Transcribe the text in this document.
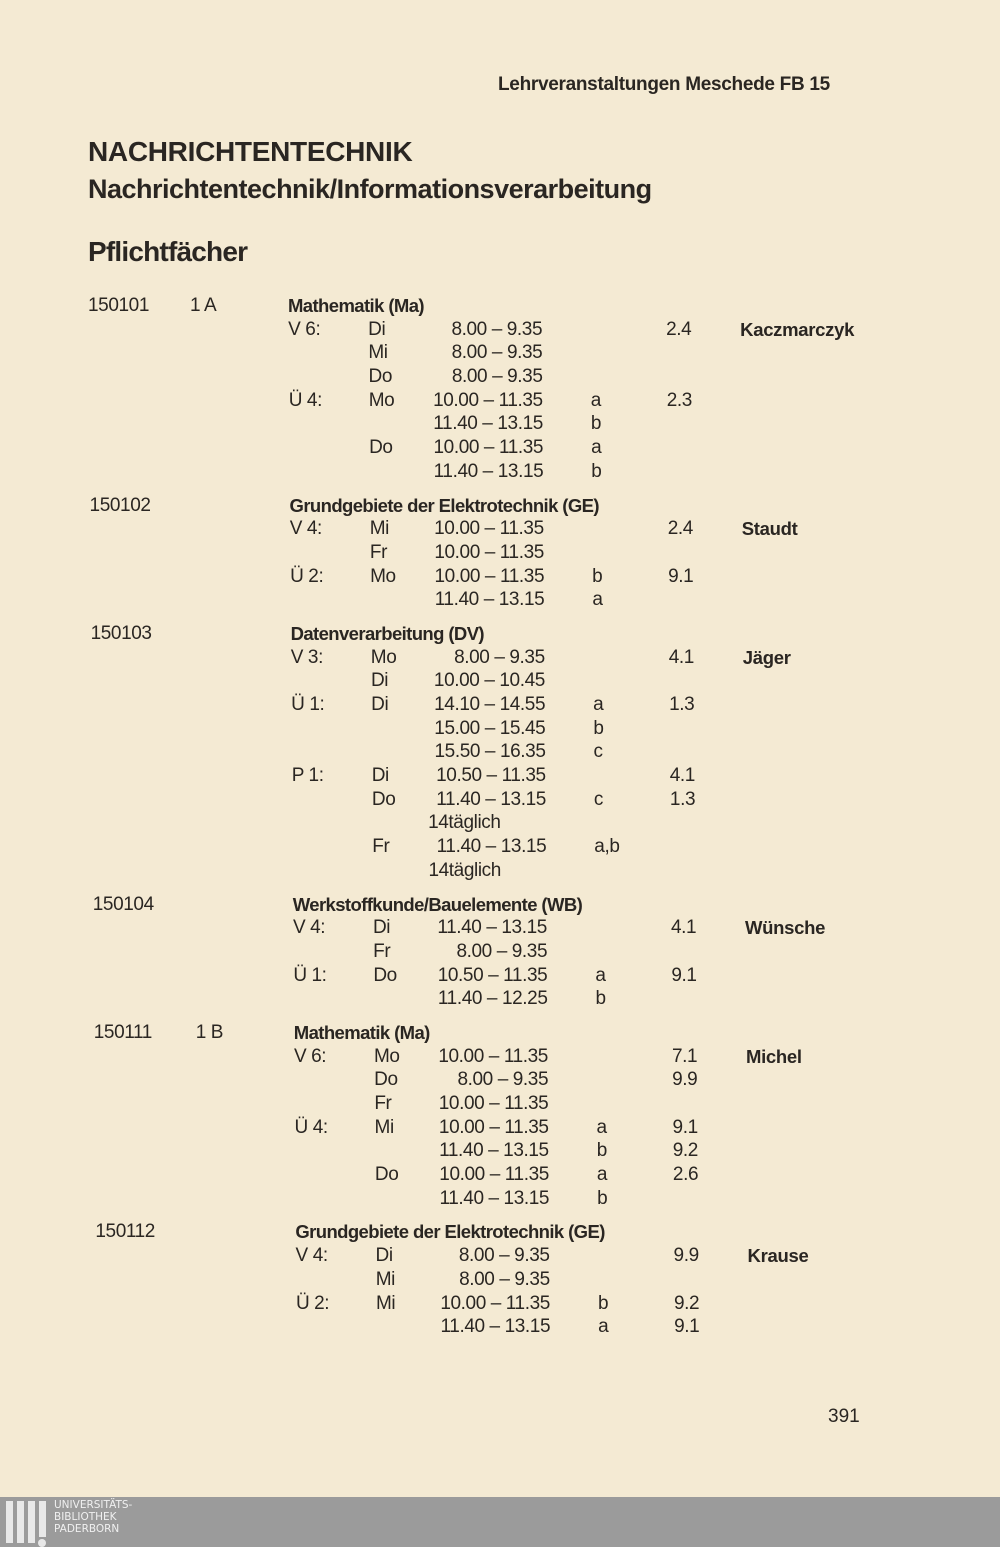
Lehrveranstaltungen Meschede FB 15
NACHRICHTENTECHNIK
Nachrichtentechnik/Informationsverarbeitung
Pflichtfächer
150101 1 A	Mathematik (Ma)
V 6:	Di	8.00 – 9.35	2.4	Kaczmarczyk
Mi	8.00 – 9.35
Do	8.00 – 9.35
Ü 4: Mo	10.00 – 11.35	a	2.3
11.40 – 13.15	b
Do	10.00 – 11.35	a
11.40 – 13.15	b
150102	Grundgebiete der Elektrotechnik (GE)
V 4:	Mi	10.00 – 11.35	2.4	Staudt
Fr	10.00 – 11.35
Ü 2: Mo	10.00 – 11.35	b	9.1
11.40 – 13.15	a
150103	Datenverarbeitung (DV)
V 3:	Mo	8.00 – 9.35	4.1	Jäger
Di	10.00 – 10.45
Ü 1: Di	14.10 – 14.55	a	1.3
15.00 – 15.45	b
15.50 – 16.35	c
P 1:	Di	10.50 – 11.35	4.1
Do	11.40 – 13.15	c	1.3
14täglich
Fr	11.40 – 13.15	a,b
14täglich
150104	Werkstoffkunde/Bauelemente (WB)
V 4:	Di	11.40 – 13.15	4.1	Wünsche
Fr	8.00 – 9.35
Ü 1: Do	10.50 – 11.35	a	9.1
11.40 – 12.25	b
150111 1 B	Mathematik (Ma)
V 6:	Mo	10.00 – 11.35	7.1	Michel
Do	8.00 – 9.35	9.9
Fr	10.00 – 11.35
Ü 4: Mi	10.00 – 11.35	a	9.1
11.40 – 13.15	b	9.2
Do	10.00 – 11.35	a	2.6
11.40 – 13.15	b
150112	Grundgebiete der Elektrotechnik (GE)
V 4:	Di	8.00 – 9.35	9.9	Krause
Mi	8.00 – 9.35
Ü 2: Mi	10.00 – 11.35	b	9.2
11.40 – 13.15	a	9.1
391
UNIVERSITÄTS-
BIBLIOTHEK
PADERBORN
